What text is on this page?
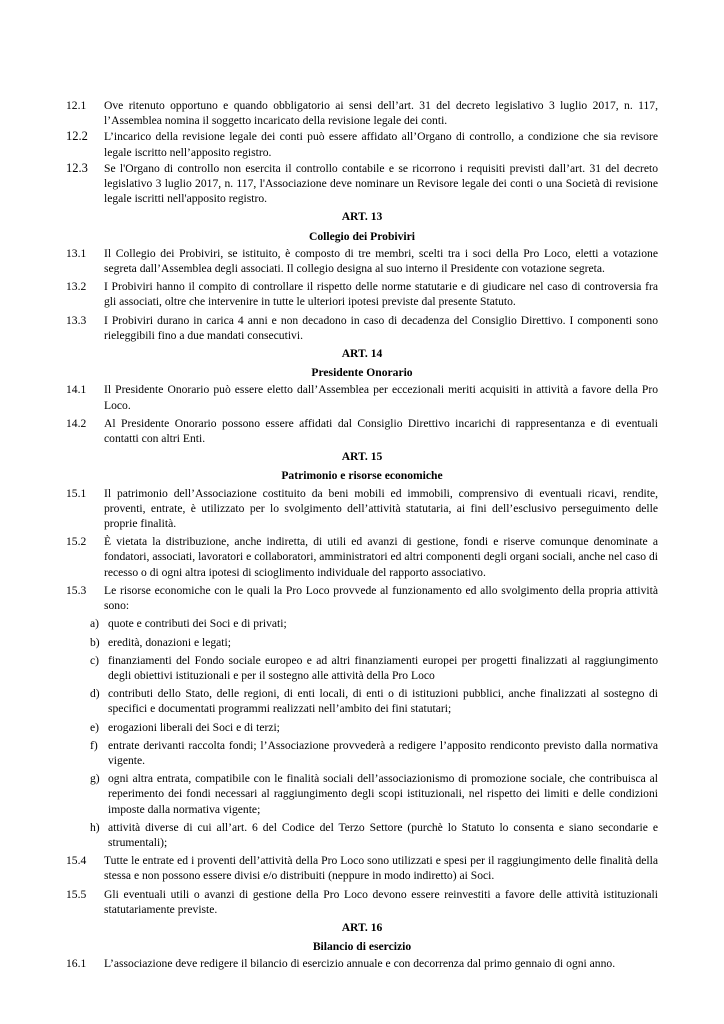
12.1	Ove ritenuto opportuno e quando obbligatorio ai sensi dell’art. 31 del decreto legislativo 3 luglio 2017, n. 117, l’Assemblea nomina il soggetto incaricato della revisione legale dei conti.
12.2	L’incarico della revisione legale dei conti può essere affidato all’Organo di controllo, a condizione che sia revisore legale iscritto nell’apposito registro.
12.3	Se l'Organo di controllo non esercita il controllo contabile e se ricorrono i requisiti previsti dall’art. 31 del decreto legislativo 3 luglio 2017, n. 117, l'Associazione deve nominare un Revisore legale dei conti o una Società di revisione legale iscritti nell'apposito registro.
ART. 13
Collegio dei Probiviri
13.1	Il Collegio dei Probiviri, se istituito, è composto di tre membri, scelti tra i soci della Pro Loco, eletti a votazione segreta dall’Assemblea degli associati. Il collegio designa al suo interno il Presidente con votazione segreta.
13.2	I Probiviri hanno il compito di controllare il rispetto delle norme statutarie e di giudicare nel caso di controversia fra gli associati, oltre che intervenire in tutte le ulteriori ipotesi previste dal presente Statuto.
13.3	I Probiviri durano in carica 4 anni e non decadono in caso di decadenza del Consiglio Direttivo. I componenti sono rieleggibili fino a due mandati consecutivi.
ART. 14
Presidente Onorario
14.1	Il Presidente Onorario può essere eletto dall’Assemblea per eccezionali meriti acquisiti in attività a favore della Pro Loco.
14.2	Al Presidente Onorario possono essere affidati dal Consiglio Direttivo incarichi di rappresentanza e di eventuali contatti con altri Enti.
ART. 15
Patrimonio e risorse economiche
15.1	Il patrimonio dell’Associazione costituito da beni mobili ed immobili, comprensivo di eventuali ricavi, rendite, proventi, entrate, è utilizzato per lo svolgimento dell’attività statutaria, ai fini dell’esclusivo perseguimento delle proprie finalità.
15.2	È vietata la distribuzione, anche indiretta, di utili ed avanzi di gestione, fondi e riserve comunque denominate a fondatori, associati, lavoratori e collaboratori, amministratori ed altri componenti degli organi sociali, anche nel caso di recesso o di ogni altra ipotesi di scioglimento individuale del rapporto associativo.
15.3	Le risorse economiche con le quali la Pro Loco provvede al funzionamento ed allo svolgimento della propria attività sono:
a) quote e contributi dei Soci e di privati;
b) eredità, donazioni e legati;
c) finanziamenti del Fondo sociale europeo e ad altri finanziamenti europei per progetti finalizzati al raggiungimento degli obiettivi istituzionali e per il sostegno alle attività della Pro Loco
d) contributi dello Stato, delle regioni, di enti locali, di enti o di istituzioni pubblici, anche finalizzati al sostegno di specifici e documentati programmi realizzati nell’ambito dei fini statutari;
e) erogazioni liberali dei Soci e di terzi;
f) entrate derivanti raccolta fondi; l’Associazione provvederà a redigere l’apposito rendiconto previsto dalla normativa vigente.
g) ogni altra entrata, compatibile con le finalità sociali dell’associazionismo di promozione sociale, che contribuisca al reperimento dei fondi necessari al raggiungimento degli scopi istituzionali, nel rispetto dei limiti e delle condizioni imposte dalla normativa vigente;
h) attività diverse di cui all’art. 6 del Codice del Terzo Settore (purchè lo Statuto lo consenta e siano secondarie e strumentali);
15.4	Tutte le entrate ed i proventi dell’attività della Pro Loco sono utilizzati e spesi per il raggiungimento delle finalità della stessa e non possono essere divisi e/o distribuiti (neppure in modo indiretto) ai Soci.
15.5	Gli eventuali utili o avanzi di gestione della Pro Loco devono essere reinvestiti a favore delle attività istituzionali statutariamente previste.
ART. 16
Bilancio di esercizio
16.1	L’associazione deve redigere il bilancio di esercizio annuale e con decorrenza dal primo gennaio di ogni anno.
